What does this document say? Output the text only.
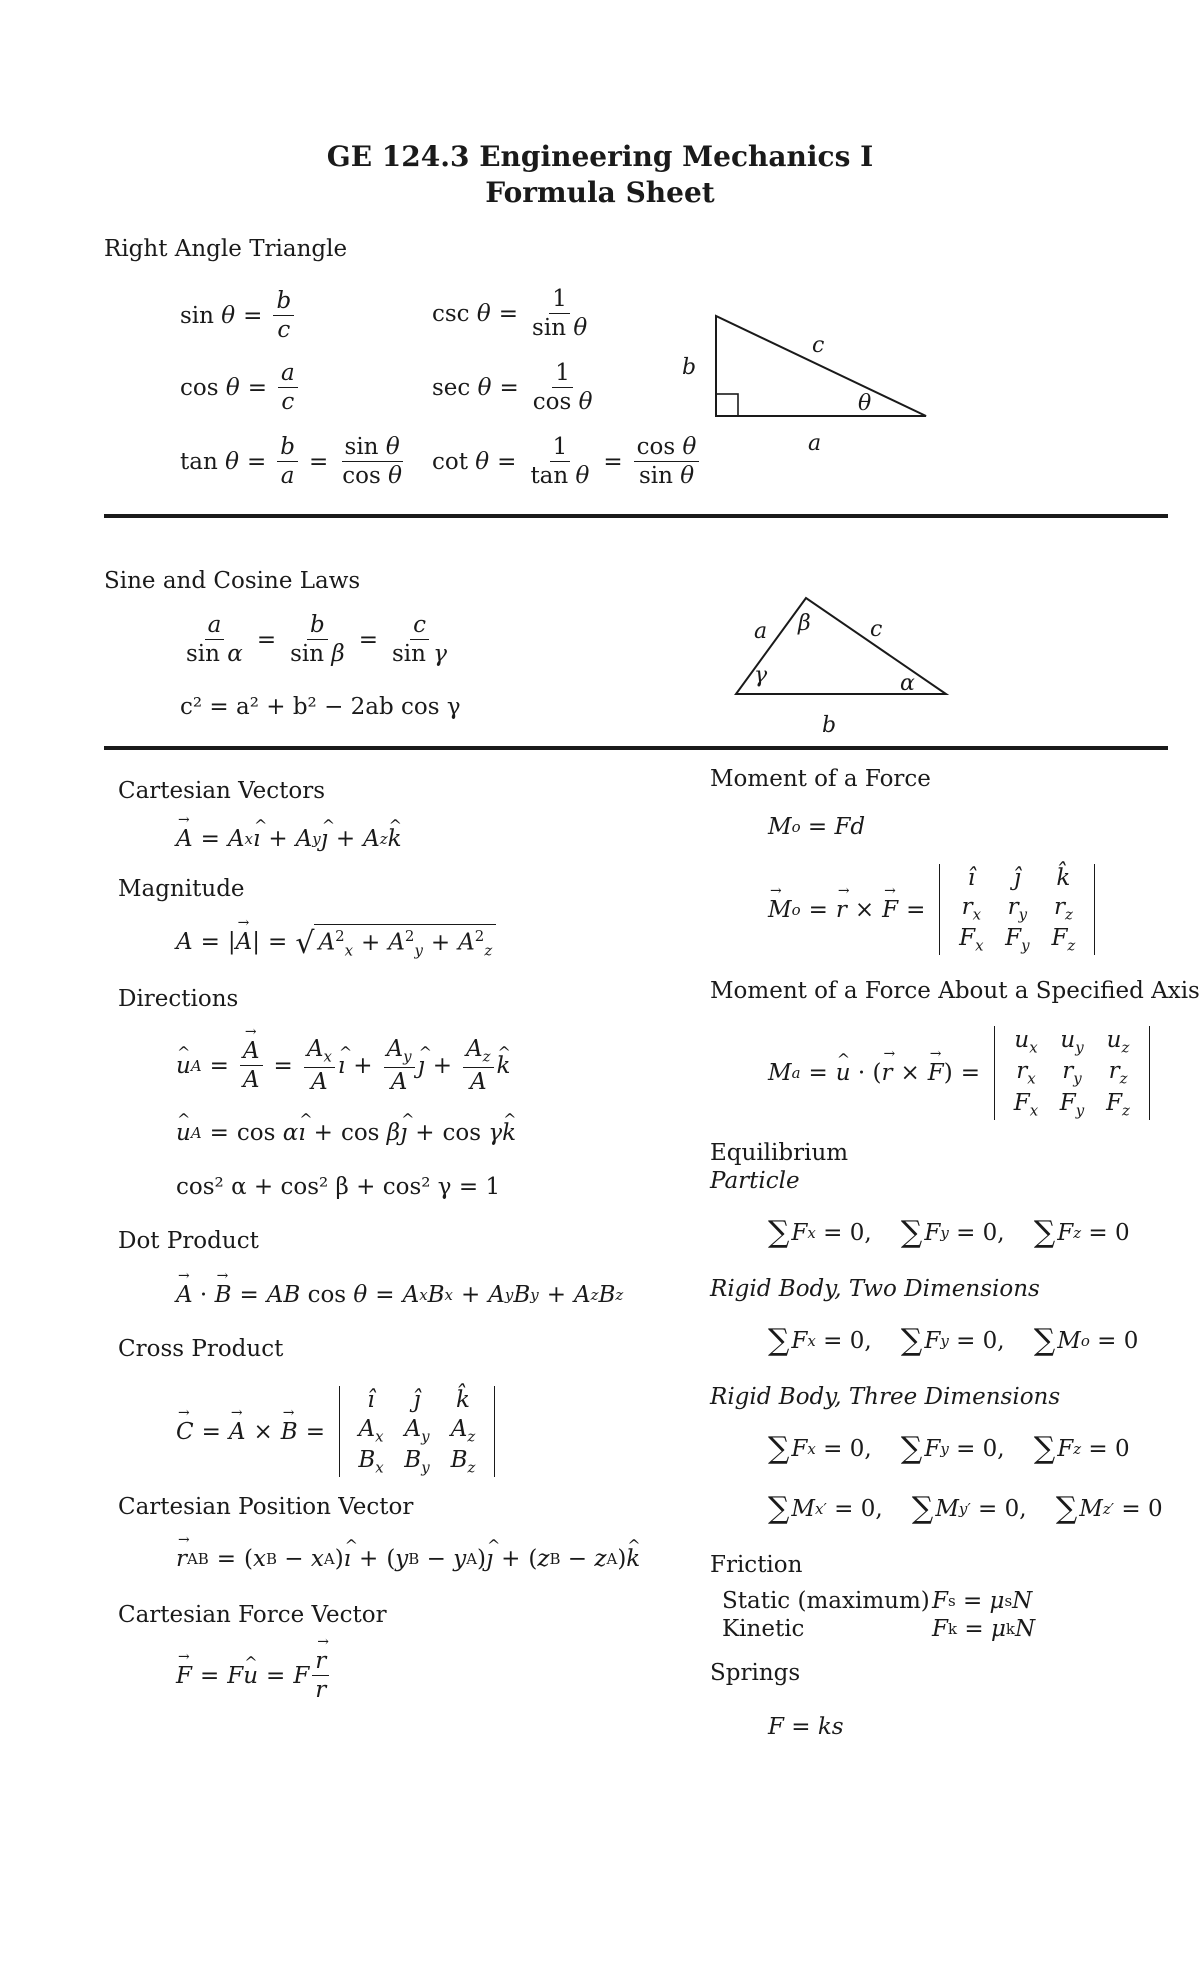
GE 124.3 Engineering Mechanics I
Formula Sheet
Right Angle Triangle
$\sin \theta = \frac{b}{c}$
$\cos \theta = \frac{a}{c}$
$\tan \theta = \frac{b}{a} = \frac{\text{sin θ}}{\text{cos θ}}$
$\csc \theta = \frac{1}{\text{sin θ}}$
$\sec \theta = \frac{1}{\text{cos θ}}$
$\cot \theta = \frac{1}{\text{tan θ}} = \frac{\text{cos θ}}{\text{sin θ}}$
b
c
θ
a
Sine and Cosine Laws
$\frac{a}{\text{sin α}} = \frac{b}{\text{sin β}} = \frac{c}{\text{sin γ}}$
c² = a² + b² − 2ab cos γ
a β	c
γ	α
b
Cartesian Vectors
→ A = A x
^ ı + A y
^ ȷ + A z
^ k
Magnitude
A = |
→ A | = √ $A^2_x + A^2_y + A^2_z$
Directions
^ u A =
→ $\frac{A}{A} = \frac{A_x}{A}$
^ ı + $\frac{A_y}{A}$
^ ȷ + $\frac{A_z}{A}$
^ k
^ u A = cos α
^ ı + cos β
^ ȷ + cos γ
^ k
cos² α + cos² β + cos² γ = 1
Dot Product
→ A ·
→ B = AB cos θ = A x B x + A y B y + A z B z
Cross Product
→ C =
→ A ×
→ B =
ı̂	ȷ̂	k̂
$A_x$ $A_y$ $A_z$
$B_x$ $B_y$ $B_z$
Cartesian Position Vector
→ r AB = ( x B − x A )
^ ı + ( y B − y A )
^ ȷ + ( z B − z A )
^ k
Cartesian Force Vector
→ F = F
^ u = F
→ $\frac{r}{r}$
Moment of a Force
M o
= Fd
→ M o =
→ r ×
→ F =
ı̂	ȷ̂	k̂
$r_x$	$r_y$	$r_z$
$F_x$ $F_y$ $F_z$
Moment of a Force About a Specified Axis
M a =
^ u · (
→ r ×
→ F ) =
$u_x$ $u_y$	$u_z$
$r_x$	$r_y$	$r_z$
$F_x$ $F_y$ $F_z$
Equilibrium
Particle
∑ F x = 0, ∑ F y = 0, ∑ F z = 0
Rigid Body, Two Dimensions
∑ F x = 0, ∑ F y = 0, ∑ M o = 0
Rigid Body, Three Dimensions
∑ F x = 0, ∑ F y = 0, ∑ F z = 0
∑ M x′ = 0, ∑ M y′ = 0, ∑ M z′ = 0
Friction
Static (maximum) F s = μ s N
Kinetic	F k = μ k N
Springs
F = ks
